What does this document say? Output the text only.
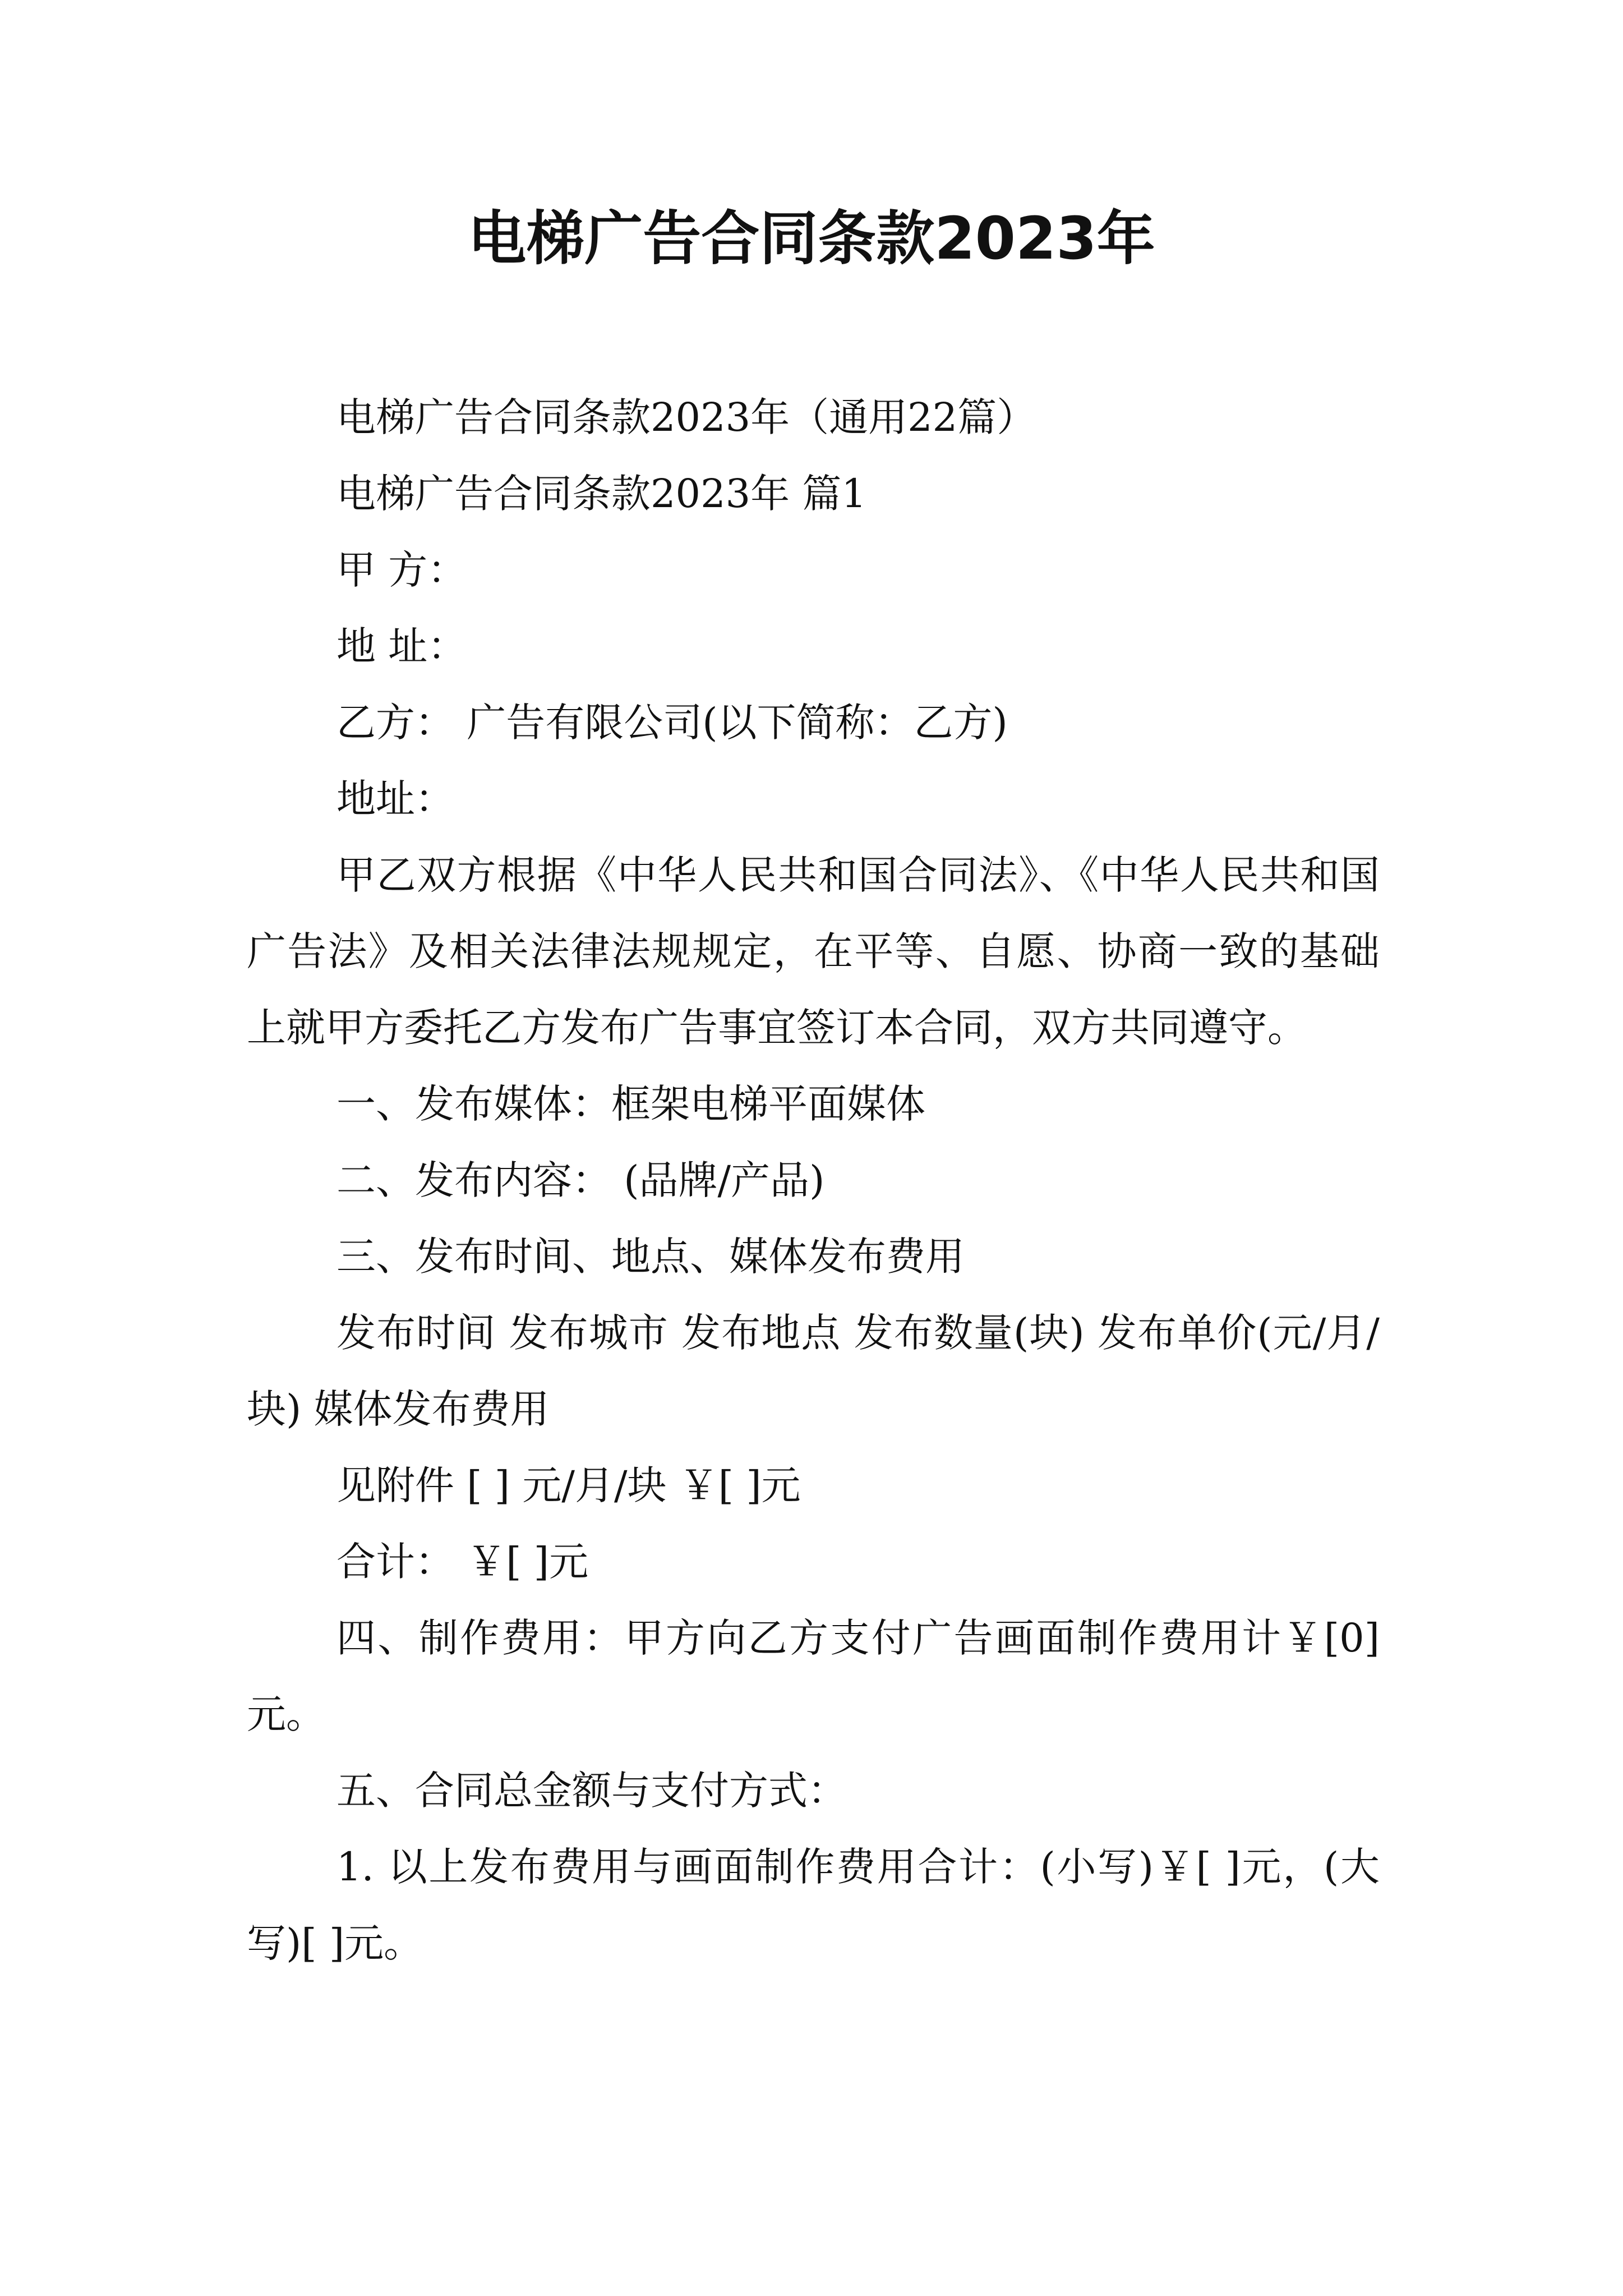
电梯广告合同条款2023年

电梯广告合同条款2023年（通用22篇）

电梯广告合同条款2023年 篇1

甲 方：

地 址：

乙方： 广告有限公司(以下简称：乙方)

地址：

甲乙双方根据《中华人民共和国合同法》、《中华人民共和国广告法》及相关法律法规规定，在平等、自愿、协商一致的基础上就甲方委托乙方发布广告事宜签订本合同，双方共同遵守。

一、发布媒体：框架电梯平面媒体

二、发布内容： (品牌/产品)

三、发布时间、地点、媒体发布费用

发布时间 发布城市 发布地点 发布数量(块) 发布单价(元/月/块) 媒体发布费用

见附件 [ ] 元/月/块 ￥[ ]元

合计： ￥[ ]元

四、制作费用：甲方向乙方支付广告画面制作费用计￥[0]元。

五、合同总金额与支付方式：

1. 以上发布费用与画面制作费用合计：(小写)￥[ ]元，(大写)[ ]元。
